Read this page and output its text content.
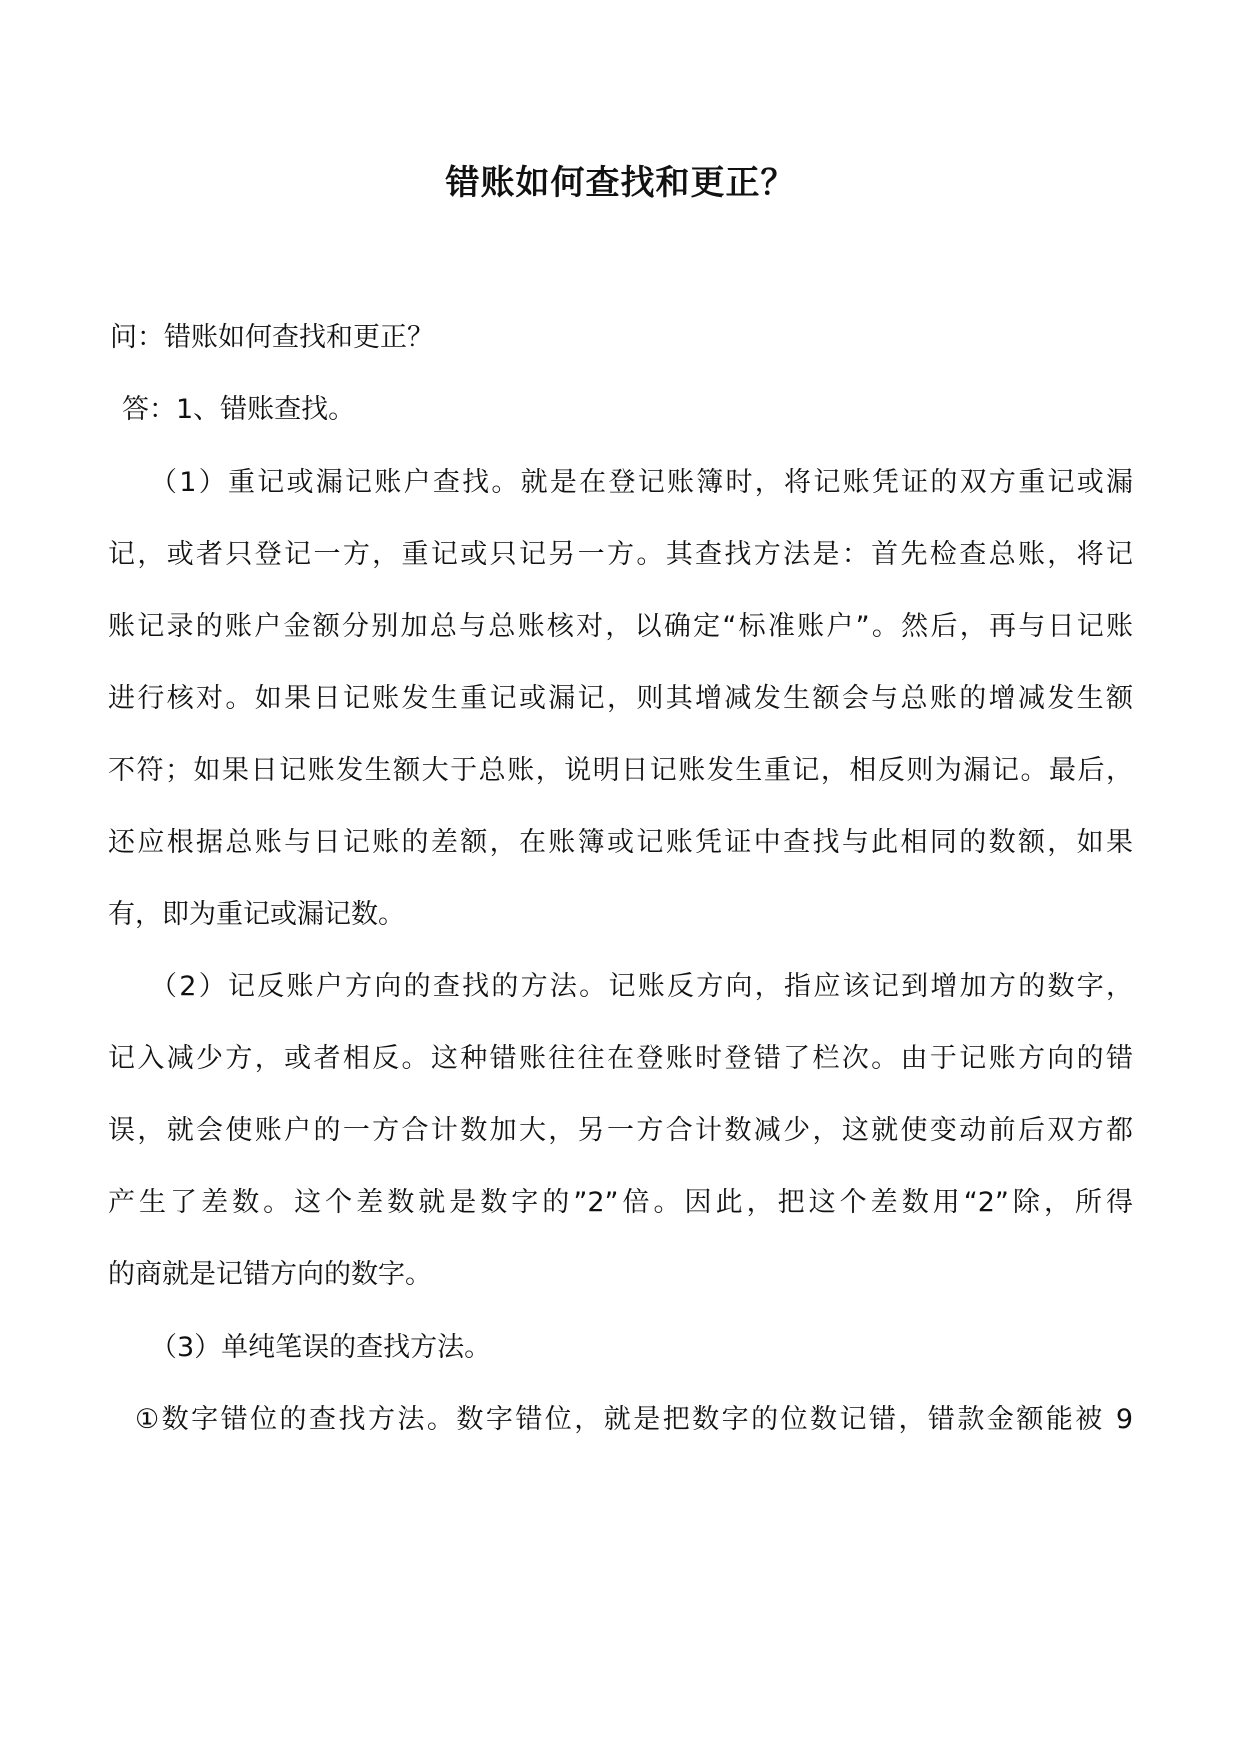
错账如何查找和更正？

问：错账如何查找和更正？

答：1、错账查找。

（1）重记或漏记账户查找。就是在登记账簿时，将记账凭证的双方重记或漏

记，或者只登记一方，重记或只记另一方。其查找方法是：首先检查总账，将记

账记录的账户金额分别加总与总账核对，以确定“标准账户”。然后，再与日记账

进行核对。如果日记账发生重记或漏记，则其增减发生额会与总账的增减发生额

不符；如果日记账发生额大于总账，说明日记账发生重记，相反则为漏记。最后，

还应根据总账与日记账的差额，在账簿或记账凭证中查找与此相同的数额，如果

有，即为重记或漏记数。

（2）记反账户方向的查找的方法。记账反方向，指应该记到增加方的数字，

记入减少方，或者相反。这种错账往往在登账时登错了栏次。由于记账方向的错

误，就会使账户的一方合计数加大，另一方合计数减少，这就使变动前后双方都

产生了差数。这个差数就是数字的”2”倍。因此，把这个差数用“2”除，所得

的商就是记错方向的数字。

（3）单纯笔误的查找方法。

①数字错位的查找方法。数字错位，就是把数字的位数记错，错款金额能被 9
